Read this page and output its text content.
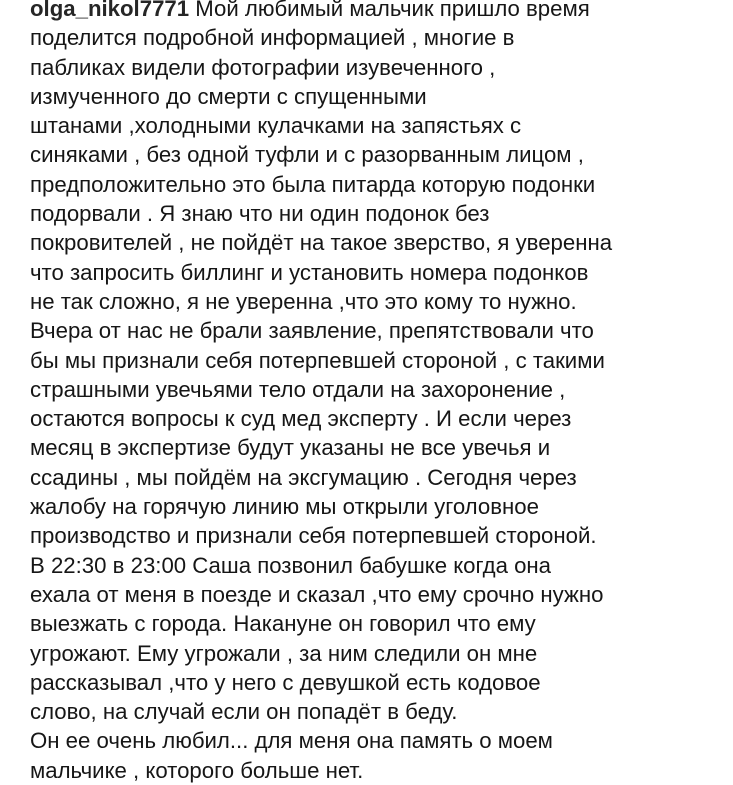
olga_nikol7771 Мой любимый мальчик пришло время
поделится подробной информацией , многие в
пабликах видели фотографии изувеченного ,
измученного до смерти с спущенными
штанами ,холодными кулачками на запястьях с
синяками , без одной туфли и с разорванным лицом ,
предположительно это была питарда которую подонки
подорвали . Я знаю что ни один подонок без
покровителей , не пойдёт на такое зверство, я уверенна
что запросить биллинг и установить номера подонков
не так сложно, я не уверенна ,что это кому то нужно.
Вчера от нас не брали заявление, препятствовали что
бы мы признали себя потерпевшей стороной , с такими
страшными увечьями тело отдали на захоронение ,
остаются вопросы к суд мед эксперту . И если через
месяц в экспертизе будут указаны не все увечья и
ссадины , мы пойдём на эксгумацию . Сегодня через
жалобу на горячую линию мы открыли уголовное
производство и признали себя потерпевшей стороной.
В 22:30 в 23:00 Саша позвонил бабушке когда она
ехала от меня в поезде и сказал ,что ему срочно нужно
выезжать с города. Накануне он говорил что ему
угрожают. Ему угрожали , за ним следили он мне
рассказывал ,что у него с девушкой есть кодовое
слово, на случай если он попадёт в беду.
Он ее очень любил... для меня она память о моем
мальчике , которого больше нет.
